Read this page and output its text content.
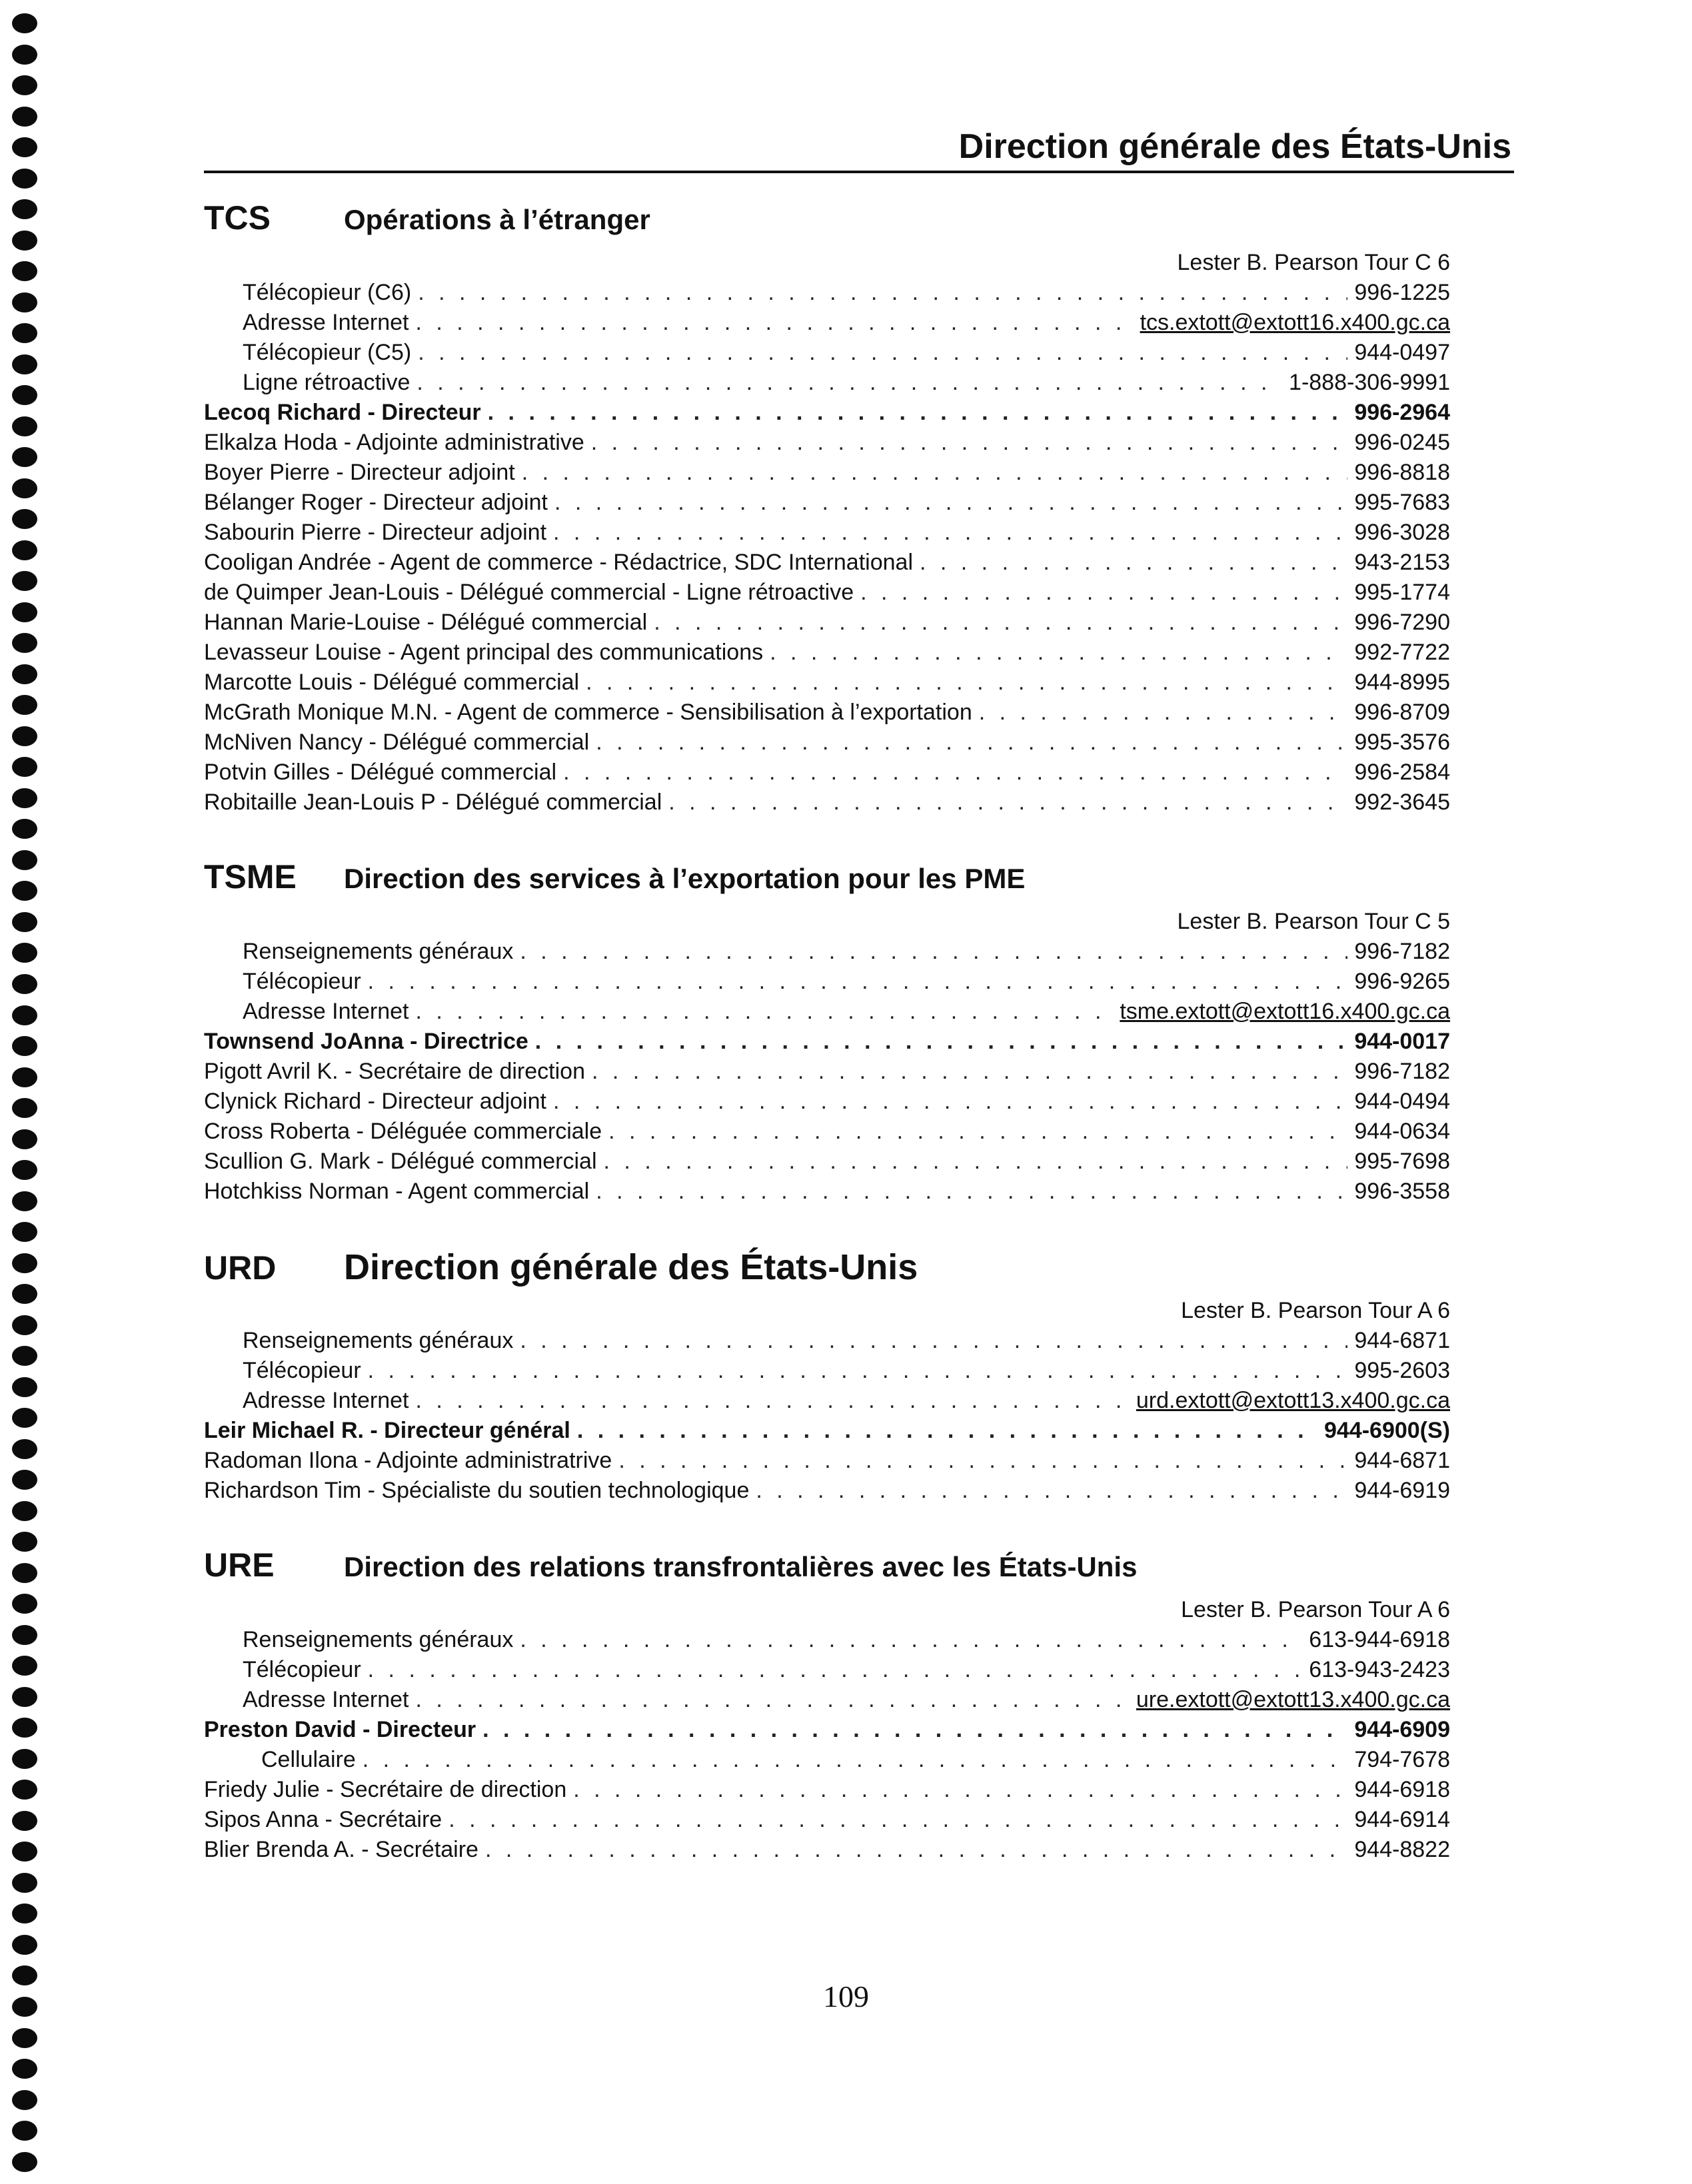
Direction générale des États-Unis
TCS	Opérations à l’étranger
Lester B. Pearson Tour C 6
Télécopieur (C6) . . .	996-1225
Adresse Internet . . .	tcs.extott@extott16.x400.gc.ca
Télécopieur (C5) . . .	944-0497
Ligne rétroactive . . .	1-888-306-9991
Lecoq Richard - Directeur . . .	996-2964
Elkalza Hoda - Adjointe administrative . . .	996-0245
Boyer Pierre - Directeur adjoint . . .	996-8818
Bélanger Roger - Directeur adjoint . . .	995-7683
Sabourin Pierre - Directeur adjoint . . .	996-3028
Cooligan Andrée - Agent de commerce - Rédactrice, SDC International . . .	943-2153
de Quimper Jean-Louis - Délégué commercial - Ligne rétroactive . . .	995-1774
Hannan Marie-Louise - Délégué commercial . . .	996-7290
Levasseur Louise - Agent principal des communications . . .	992-7722
Marcotte Louis - Délégué commercial . . .	944-8995
McGrath Monique M.N. - Agent de commerce - Sensibilisation à l’exportation . . .	996-8709
McNiven Nancy - Délégué commercial . . .	995-3576
Potvin Gilles - Délégué commercial . . .	996-2584
Robitaille Jean-Louis P - Délégué commercial . . .	992-3645
TSME	Direction des services à l’exportation pour les PME
Lester B. Pearson Tour C 5
Renseignements généraux . . .	996-7182
Télécopieur . . .	996-9265
Adresse Internet . . .	tsme.extott@extott16.x400.gc.ca
Townsend JoAnna - Directrice . . .	944-0017
Pigott Avril K. - Secrétaire de direction . . .	996-7182
Clynick Richard - Directeur adjoint . . .	944-0494
Cross Roberta - Déléguée commerciale . . .	944-0634
Scullion G. Mark - Délégué commercial . . .	995-7698
Hotchkiss Norman - Agent commercial . . .	996-3558
URD	Direction générale des États-Unis
Lester B. Pearson Tour A 6
Renseignements généraux . . .	944-6871
Télécopieur . . .	995-2603
Adresse Internet . . .	urd.extott@extott13.x400.gc.ca
Leir Michael R. - Directeur général . . .	944-6900(S)
Radoman Ilona - Adjointe administratrive . . .	944-6871
Richardson Tim - Spécialiste du soutien technologique . . .	944-6919
URE	Direction des relations transfrontalières avec les États-Unis
Lester B. Pearson Tour A 6
Renseignements généraux . . .	613-944-6918
Télécopieur . . .	613-943-2423
Adresse Internet . . .	ure.extott@extott13.x400.gc.ca
Preston David - Directeur . . .	944-6909
Cellulaire . . .	794-7678
Friedy Julie - Secrétaire de direction . . .	944-6918
Sipos Anna - Secrétaire . . .	944-6914
Blier Brenda A. - Secrétaire . . .	944-8822
109
